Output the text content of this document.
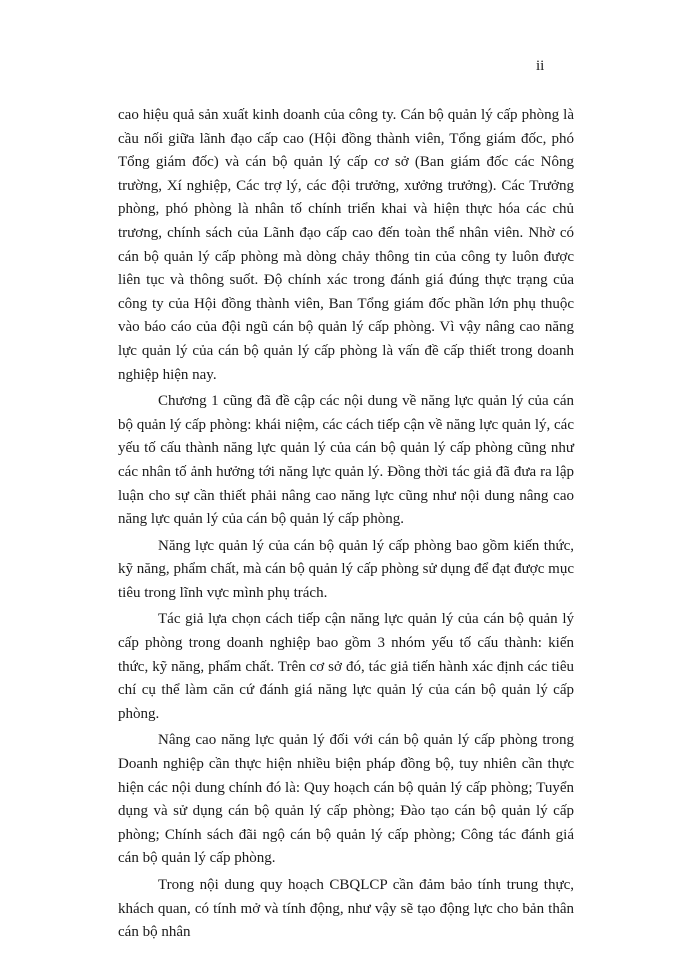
ii

cao hiệu quả sản xuất kinh doanh của công ty. Cán bộ quản lý cấp phòng là cầu nối giữa lãnh đạo cấp cao (Hội đồng thành viên, Tổng giám đốc, phó Tổng giám đốc) và cán bộ quản lý cấp cơ sở (Ban giám đốc các Nông trường, Xí nghiệp, Các trợ lý, các đội trưởng, xưởng trưởng). Các Trưởng phòng, phó phòng là nhân tố chính triển khai và hiện thực hóa các chủ trương, chính sách của Lãnh đạo cấp cao đến toàn thể nhân viên. Nhờ có cán bộ quản lý cấp phòng mà dòng chảy thông tin của công ty luôn được liên tục và thông suốt. Độ chính xác trong đánh giá đúng thực trạng của công ty của Hội đồng thành viên, Ban Tổng giám đốc phần lớn phụ thuộc vào báo cáo của đội ngũ cán bộ quản lý cấp phòng. Vì vậy nâng cao năng lực quản lý của cán bộ quản lý cấp phòng là vấn đề cấp thiết trong doanh nghiệp hiện nay.

Chương 1 cũng đã đề cập các nội dung về năng lực quản lý của cán bộ quản lý cấp phòng: khái niệm, các cách tiếp cận về năng lực quản lý, các yếu tố cấu thành năng lực quản lý của cán bộ quản lý cấp phòng cũng như các nhân tố ảnh hưởng tới năng lực quản lý. Đồng thời tác giả đã đưa ra lập luận cho sự cần thiết phải nâng cao năng lực cũng như nội dung nâng cao năng lực quản lý của cán bộ quản lý cấp phòng.

Năng lực quản lý của cán bộ quản lý cấp phòng bao gồm kiến thức, kỹ năng, phẩm chất, mà cán bộ quản lý cấp phòng sử dụng để đạt được mục tiêu trong lĩnh vực mình phụ trách.

Tác giả lựa chọn cách tiếp cận năng lực quản lý của cán bộ quản lý cấp phòng trong doanh nghiệp bao gồm 3 nhóm yếu tố cấu thành: kiến thức, kỹ năng, phẩm chất. Trên cơ sở đó, tác giả tiến hành xác định các tiêu chí cụ thể làm căn cứ đánh giá năng lực quản lý của cán bộ quản lý cấp phòng.

Nâng cao năng lực quản lý đối với cán bộ quản lý cấp phòng trong Doanh nghiệp cần thực hiện nhiều biện pháp đồng bộ, tuy nhiên cần thực hiện các nội dung chính đó là: Quy hoạch cán bộ quản lý cấp phòng; Tuyển dụng và sử dụng cán bộ quản lý cấp phòng; Đào tạo cán bộ quản lý cấp phòng; Chính sách đãi ngộ cán bộ quản lý cấp phòng; Công tác đánh giá cán bộ quản lý cấp phòng.

Trong nội dung quy hoạch CBQLCP cần đảm bảo tính trung thực, khách quan, có tính mở và tính động, như vậy sẽ tạo động lực cho bản thân cán bộ nhân
